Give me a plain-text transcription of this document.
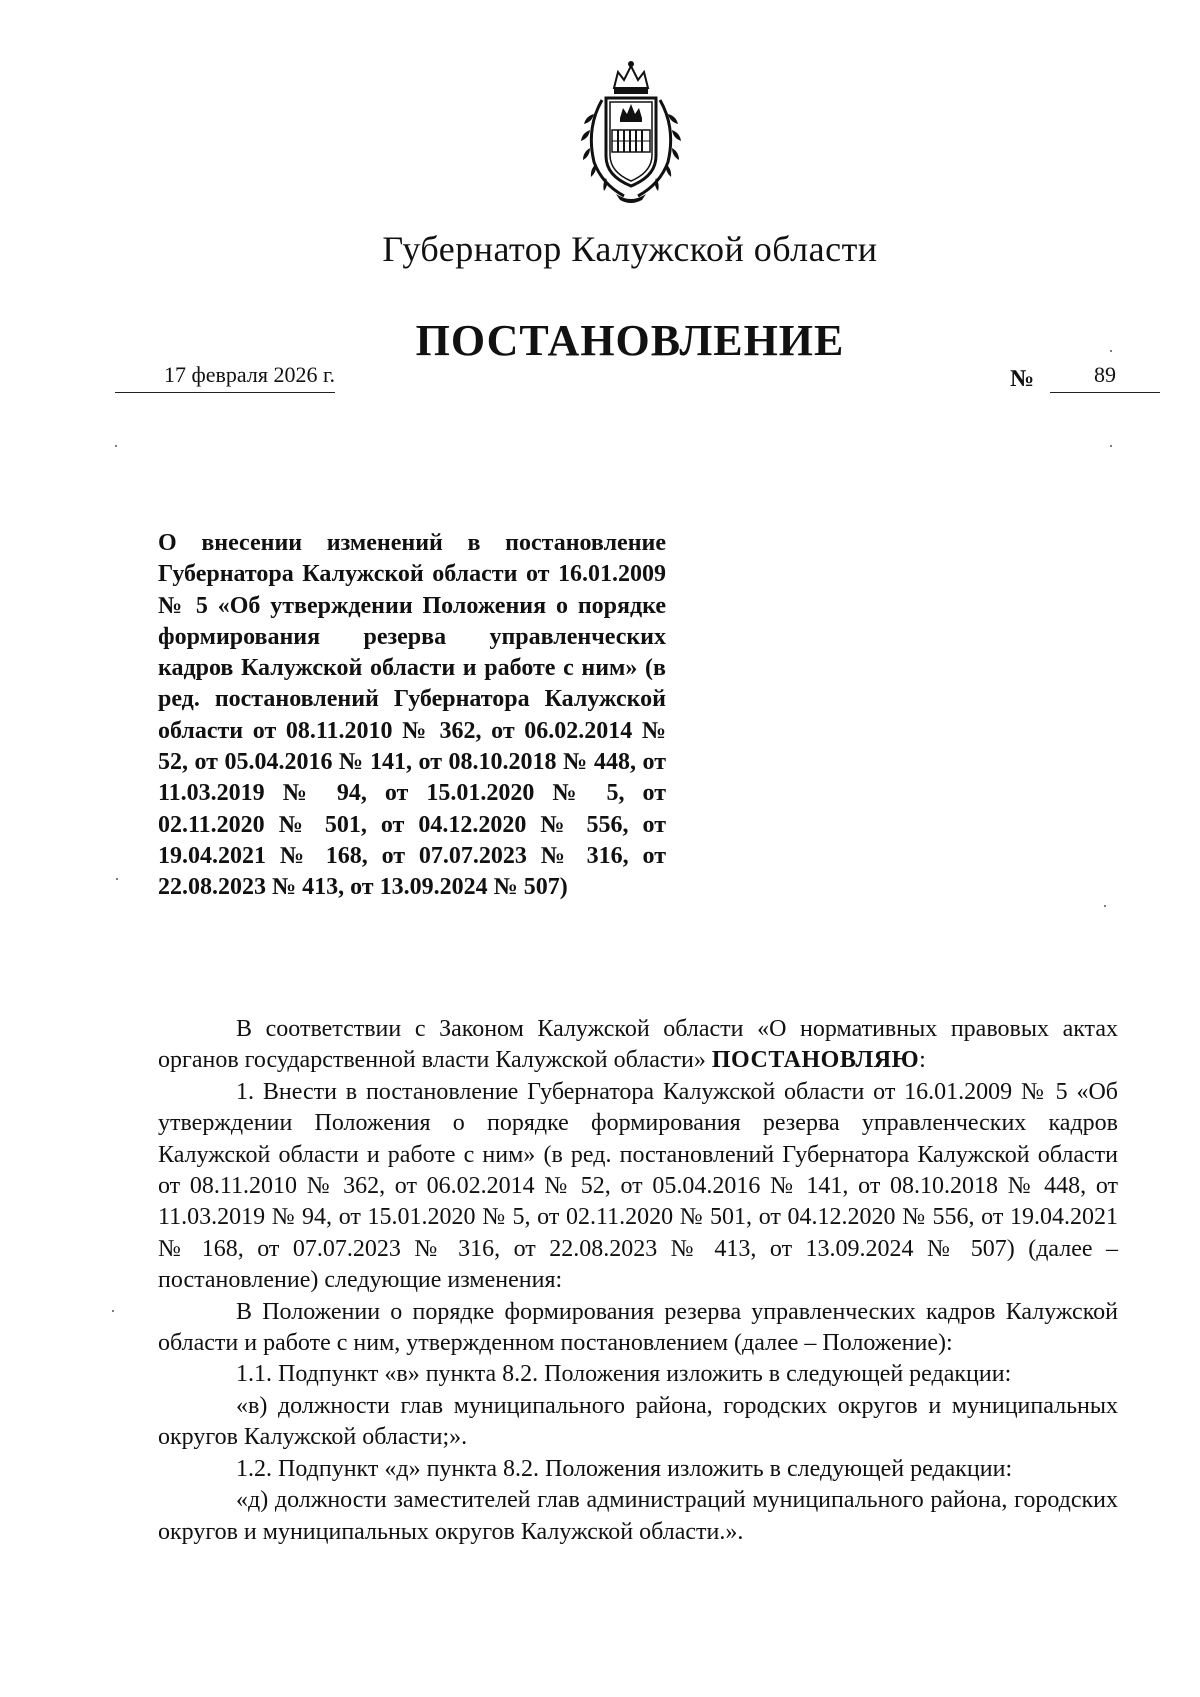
Губернатор Калужской области
ПОСТАНОВЛЕНИЕ
17 февраля 2026 г.	№	89
О внесении изменений в постановление Губернатора Калужской области от 16.01.2009 № 5 «Об утверждении Положения о порядке формирования резерва управленческих кадров Калужской области и работе с ним» (в ред. постановлений Губернатора Калужской области от 08.11.2010 № 362, от 06.02.2014 № 52, от 05.04.2016 № 141, от 08.10.2018 № 448, от 11.03.2019 № 94, от 15.01.2020 № 5, от 02.11.2020 № 501, от 04.12.2020 № 556, от 19.04.2021 № 168, от 07.07.2023 № 316, от 22.08.2023 № 413, от 13.09.2024 № 507)

В соответствии с Законом Калужской области «О нормативных правовых актах органов государственной власти Калужской области» ПОСТАНОВЛЯЮ:

1. Внести в постановление Губернатора Калужской области от 16.01.2009 № 5 «Об утверждении Положения о порядке формирования резерва управленческих кадров Калужской области и работе с ним» (в ред. постановлений Губернатора Калужской области от 08.11.2010 № 362, от 06.02.2014 № 52, от 05.04.2016 № 141, от 08.10.2018 № 448, от 11.03.2019 № 94, от 15.01.2020 № 5, от 02.11.2020 № 501, от 04.12.2020 № 556, от 19.04.2021 № 168, от 07.07.2023 № 316, от 22.08.2023 № 413, от 13.09.2024 № 507) (далее – постановление) следующие изменения:

В Положении о порядке формирования резерва управленческих кадров Калужской области и работе с ним, утвержденном постановлением (далее – Положение):

1.1. Подпункт «в» пункта 8.2. Положения изложить в следующей редакции:

«в) должности глав муниципального района, городских округов и муниципальных округов Калужской области;».

1.2. Подпункт «д» пункта 8.2. Положения изложить в следующей редакции:

«д) должности заместителей глав администраций муниципального района, городских округов и муниципальных округов Калужской области.».
